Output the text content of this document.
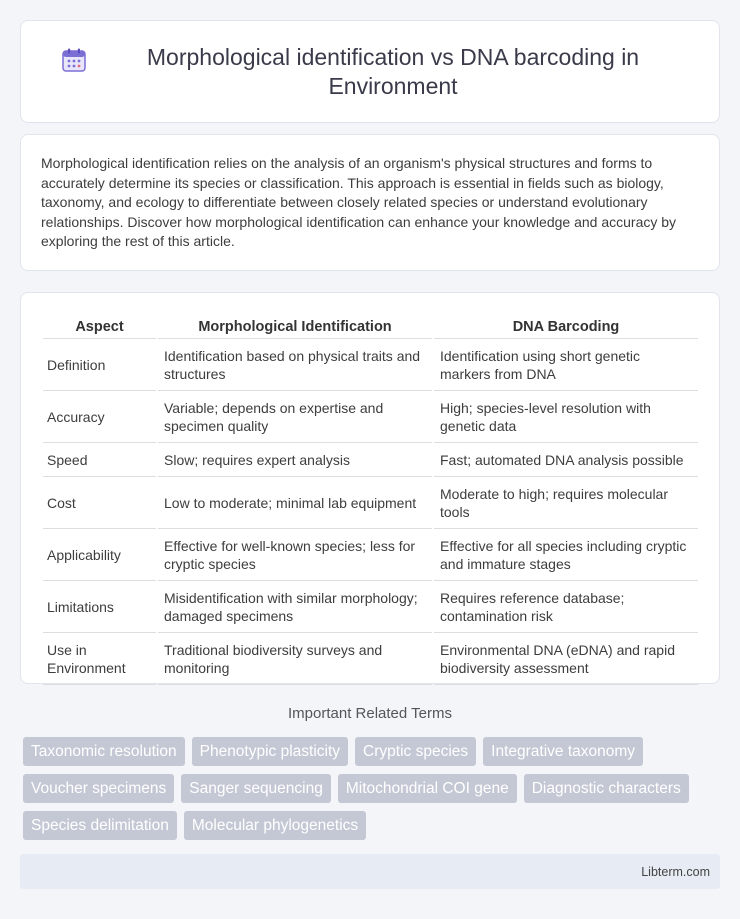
Morphological identification vs DNA barcoding in Environment

Morphological identification relies on the analysis of an organism's physical structures and forms to accurately determine its species or classification. This approach is essential in fields such as biology, taxonomy, and ecology to differentiate between closely related species or understand evolutionary relationships. Discover how morphological identification can enhance your knowledge and accuracy by exploring the rest of this article.

Aspect	Morphological Identification	DNA Barcoding
Definition	Identification based on physical traits and structures	Identification using short genetic markers from DNA
Accuracy	Variable; depends on expertise and specimen quality	High; species-level resolution with genetic data
Speed	Slow; requires expert analysis	Fast; automated DNA analysis possible
Cost	Low to moderate; minimal lab equipment	Moderate to high; requires molecular tools
Applicability	Effective for well-known species; less for cryptic species	Effective for all species including cryptic and immature stages
Limitations	Misidentification with similar morphology; damaged specimens	Requires reference database; contamination risk
Use in Environment	Traditional biodiversity surveys and monitoring	Environmental DNA (eDNA) and rapid biodiversity assessment
Important Related Terms
Taxonomic resolution	Phenotypic plasticity	Cryptic species	Integrative taxonomy
Voucher specimens	Sanger sequencing	Mitochondrial COI gene	Diagnostic characters
Species delimitation	Molecular phylogenetics
Libterm.com
